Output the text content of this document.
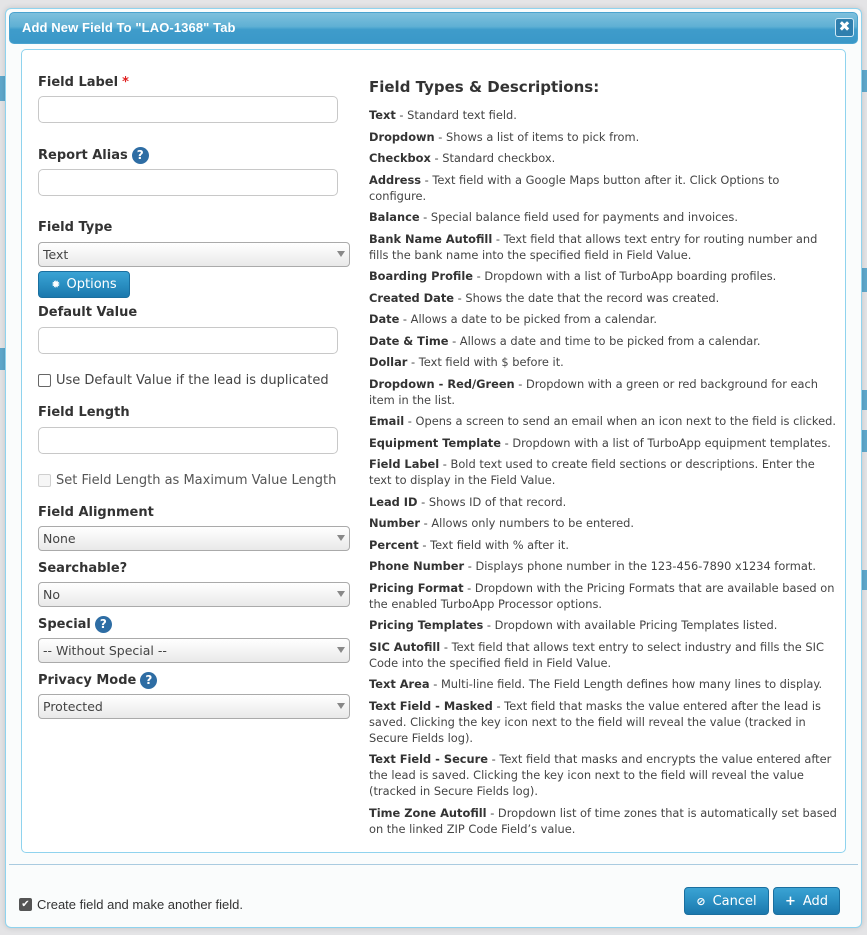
Add New Field To "LAO-1368" Tab	✖
Field Label *
Report Alias ?
Field Type
Text
✹ Options
Default Value
Use Default Value if the lead is duplicated
Field Length
Set Field Length as Maximum Value Length
Field Alignment
None
Searchable?
No
Special ?
-- Without Special --
Privacy Mode ?
Protected
Field Types & Descriptions:
Text - Standard text field.
Dropdown - Shows a list of items to pick from.
Checkbox - Standard checkbox.
Address - Text field with a Google Maps button after it. Click Options to configure.
Balance - Special balance field used for payments and invoices.
Bank Name Autofill - Text field that allows text entry for routing number and fills the bank name into the specified field in Field Value.
Boarding Profile - Dropdown with a list of TurboApp boarding profiles.
Created Date - Shows the date that the record was created.
Date - Allows a date to be picked from a calendar.
Date & Time - Allows a date and time to be picked from a calendar.
Dollar - Text field with $ before it.
Dropdown - Red/Green - Dropdown with a green or red background for each item in the list.
Email - Opens a screen to send an email when an icon next to the field is clicked.
Equipment Template - Dropdown with a list of TurboApp equipment templates.
Field Label - Bold text used to create field sections or descriptions. Enter the text to display in the Field Value.
Lead ID - Shows ID of that record.
Number - Allows only numbers to be entered.
Percent - Text field with % after it.
Phone Number - Displays phone number in the 123-456-7890 x1234 format.
Pricing Format - Dropdown with the Pricing Formats that are available based on the enabled TurboApp Processor options.
Pricing Templates - Dropdown with available Pricing Templates listed.
SIC Autofill - Text field that allows text entry to select industry and fills the SIC Code into the specified field in Field Value.
Text Area - Multi-line field. The Field Length defines how many lines to display.
Text Field - Masked - Text field that masks the value entered after the lead is saved. Clicking the key icon next to the field will reveal the value (tracked in Secure Fields log).
Text Field - Secure - Text field that masks and encrypts the value entered after the lead is saved. Clicking the key icon next to the field will reveal the value (tracked in Secure Fields log).
Time Zone Autofill - Dropdown list of time zones that is automatically set based on the linked ZIP Code Field’s value.
✔ Create field and make another field.	⊘ Cancel + Add
